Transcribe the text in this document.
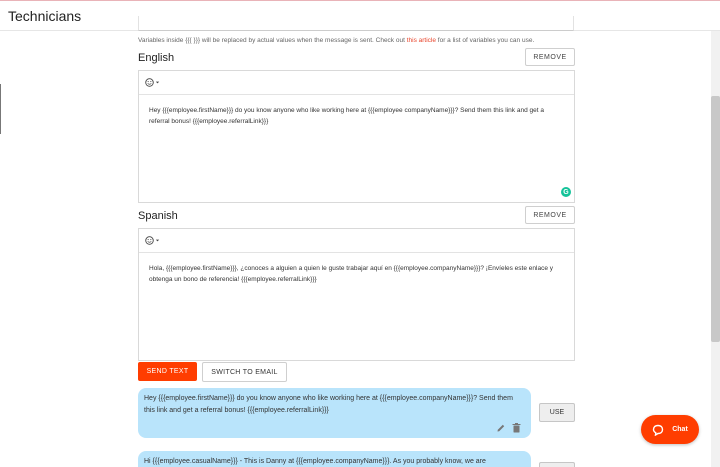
Technicians
Variables inside {{{ }}} will be replaced by actual values when the message is sent. Check out this article for a list of variables you can use.
English	REMOVE
Hey {{{employee.firstName}}} do you know anyone who like working here at {{{employee companyName}}}? Send them this link and get a referral bonus! {{{employee.referralLink}}}
G
Spanish	REMOVE
Hola, {{{employee.firstName}}}, ¿conoces a alguien a quien le guste trabajar aquí en {{{employee.companyName}}}? ¡Envíeles este enlace y obtenga un bono de referencia! {{{employee.referralLink}}}
SEND TEXT	SWITCH TO EMAIL
Hey {{{employee.firstName}}} do you know anyone who like working here at {{{employee.companyName}}}? Send them this link and get a referral bonus! {{{employee.referralLink}}}	USE
Hi {{{employee.casualName}}} - This is Danny at {{{employee.companyName}}}. As you probably know, we are
Chat
